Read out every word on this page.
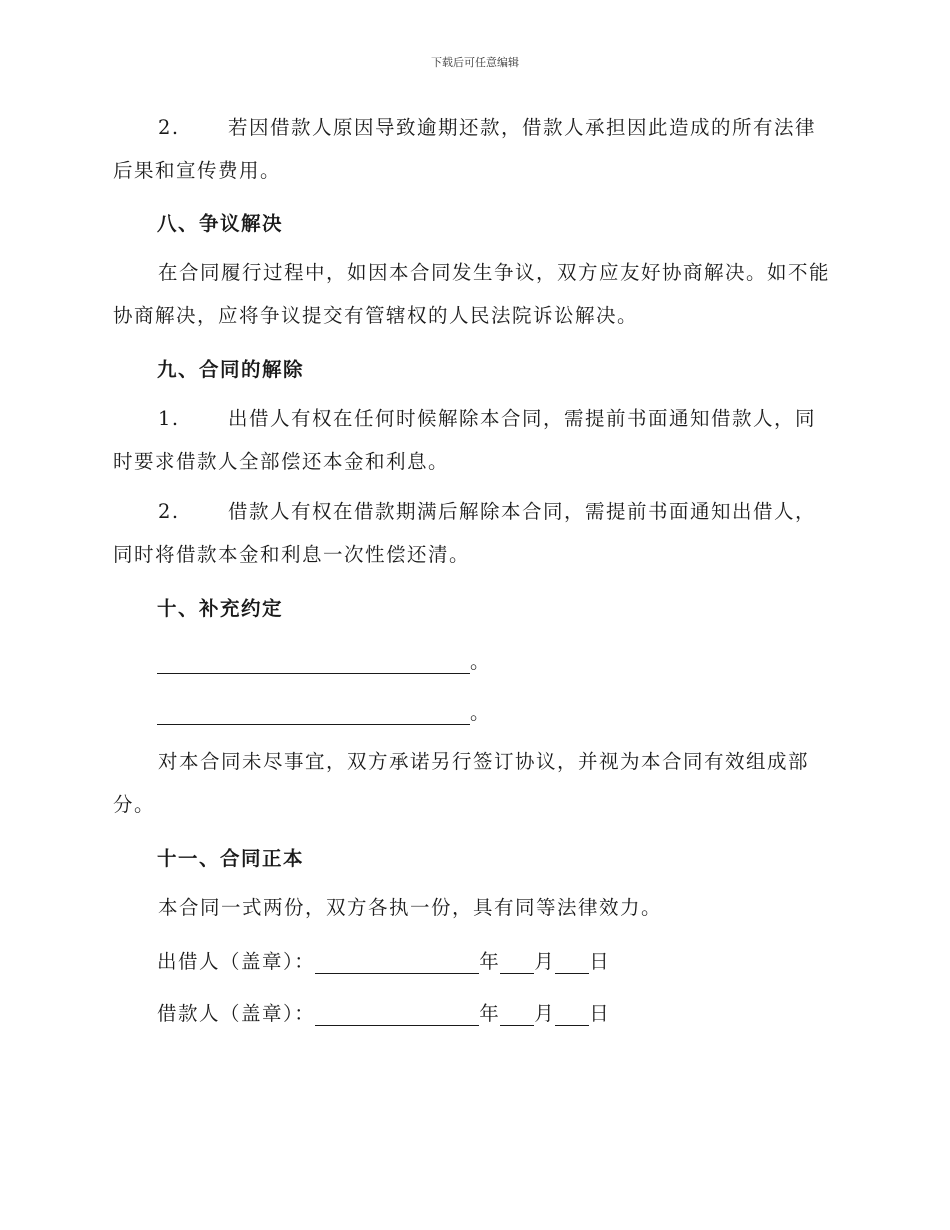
下载后可任意编辑

2. 若因借款人原因导致逾期还款，借款人承担因此造成的所有法律后果和宣传费用。

八、争议解决

在合同履行过程中，如因本合同发生争议，双方应友好协商解决。如不能协商解决，应将争议提交有管辖权的人民法院诉讼解决。

九、合同的解除

1. 出借人有权在任何时候解除本合同，需提前书面通知借款人，同时要求借款人全部偿还本金和利息。

2. 借款人有权在借款期满后解除本合同，需提前书面通知出借人，同时将借款本金和利息一次性偿还清。

十、补充约定

。
。

对本合同未尽事宜，双方承诺另行签订协议，并视为本合同有效组成部分。

十一、合同正本

本合同一式两份，双方各执一份，具有同等法律效力。

出借人（盖章）：	年 月 日
借款人（盖章）：	年 月 日
